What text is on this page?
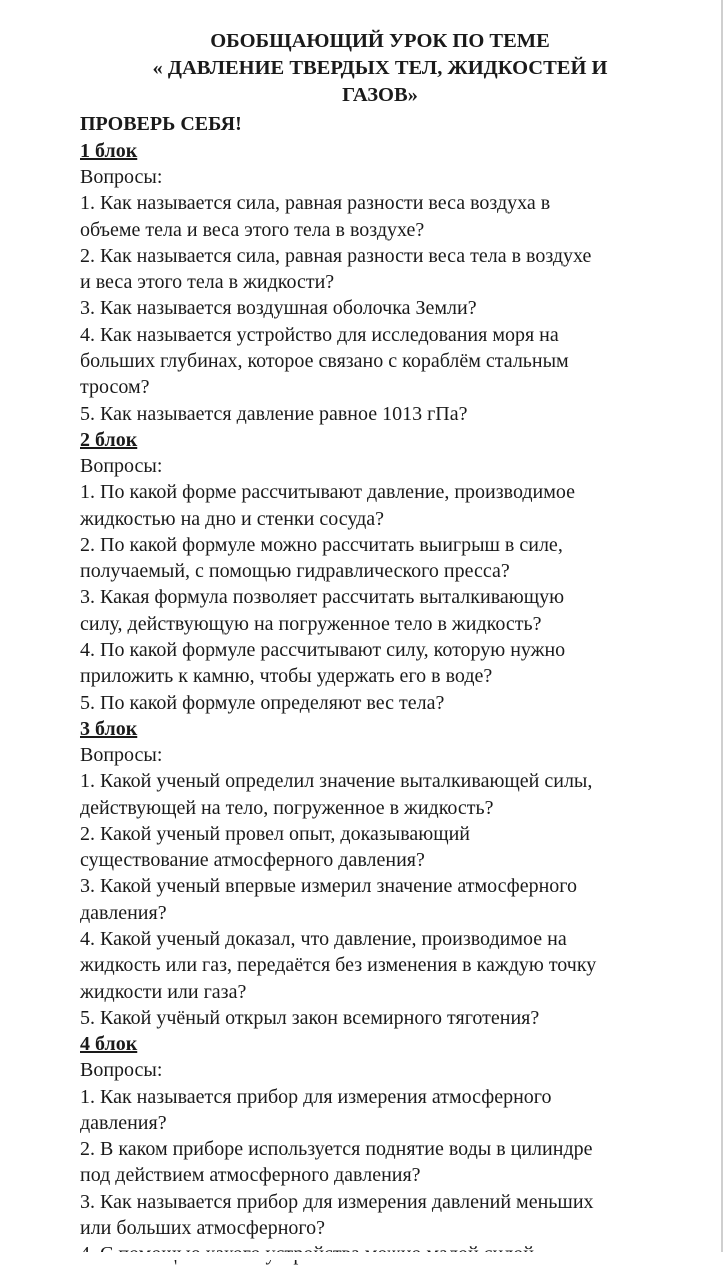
ОБОБЩАЮЩИЙ УРОК ПО ТЕМЕ
« ДАВЛЕНИЕ ТВЕРДЫХ ТЕЛ, ЖИДКОСТЕЙ И
ГАЗОВ»
ПРОВЕРЬ СЕБЯ!
1 блок
Вопросы:
1. Как называется сила, равная разности веса воздуха в
объеме тела и веса этого тела в воздухе?
2. Как называется сила, равная разности веса тела в воздухе
и веса этого тела в жидкости?
3. Как называется воздушная оболочка Земли?
4. Как называется устройство для исследования моря на
больших глубинах, которое связано с кораблём стальным
тросом?
5. Как называется давление равное 1013 гПа?
2 блок
Вопросы:
1. По какой форме рассчитывают давление, производимое
жидкостью на дно и стенки сосуда?
2. По какой формуле можно рассчитать выигрыш в силе,
получаемый, с помощью гидравлического пресса?
3. Какая формула позволяет рассчитать выталкивающую
силу, действующую на погруженное тело в жидкость?
4. По какой формуле рассчитывают силу, которую нужно
приложить к камню, чтобы удержать его в воде?
5. По какой формуле определяют вес тела?
3 блок
Вопросы:
1. Какой ученый определил значение выталкивающей силы,
действующей на тело, погруженное в жидкость?
2. Какой ученый провел опыт, доказывающий
существование атмосферного давления?
3. Какой ученый впервые измерил значение атмосферного
давления?
4. Какой ученый доказал, что давление, производимое на
жидкость или газ, передаётся без изменения в каждую точку
жидкости или газа?
5. Какой учёный открыл закон всемирного тяготения?
4 блок
Вопросы:
1. Как называется прибор для измерения атмосферного
давления?
2. В каком приборе используется поднятие воды в цилиндре
под действием атмосферного давления?
3. Как называется прибор для измерения давлений меньших
или больших атмосферного?
